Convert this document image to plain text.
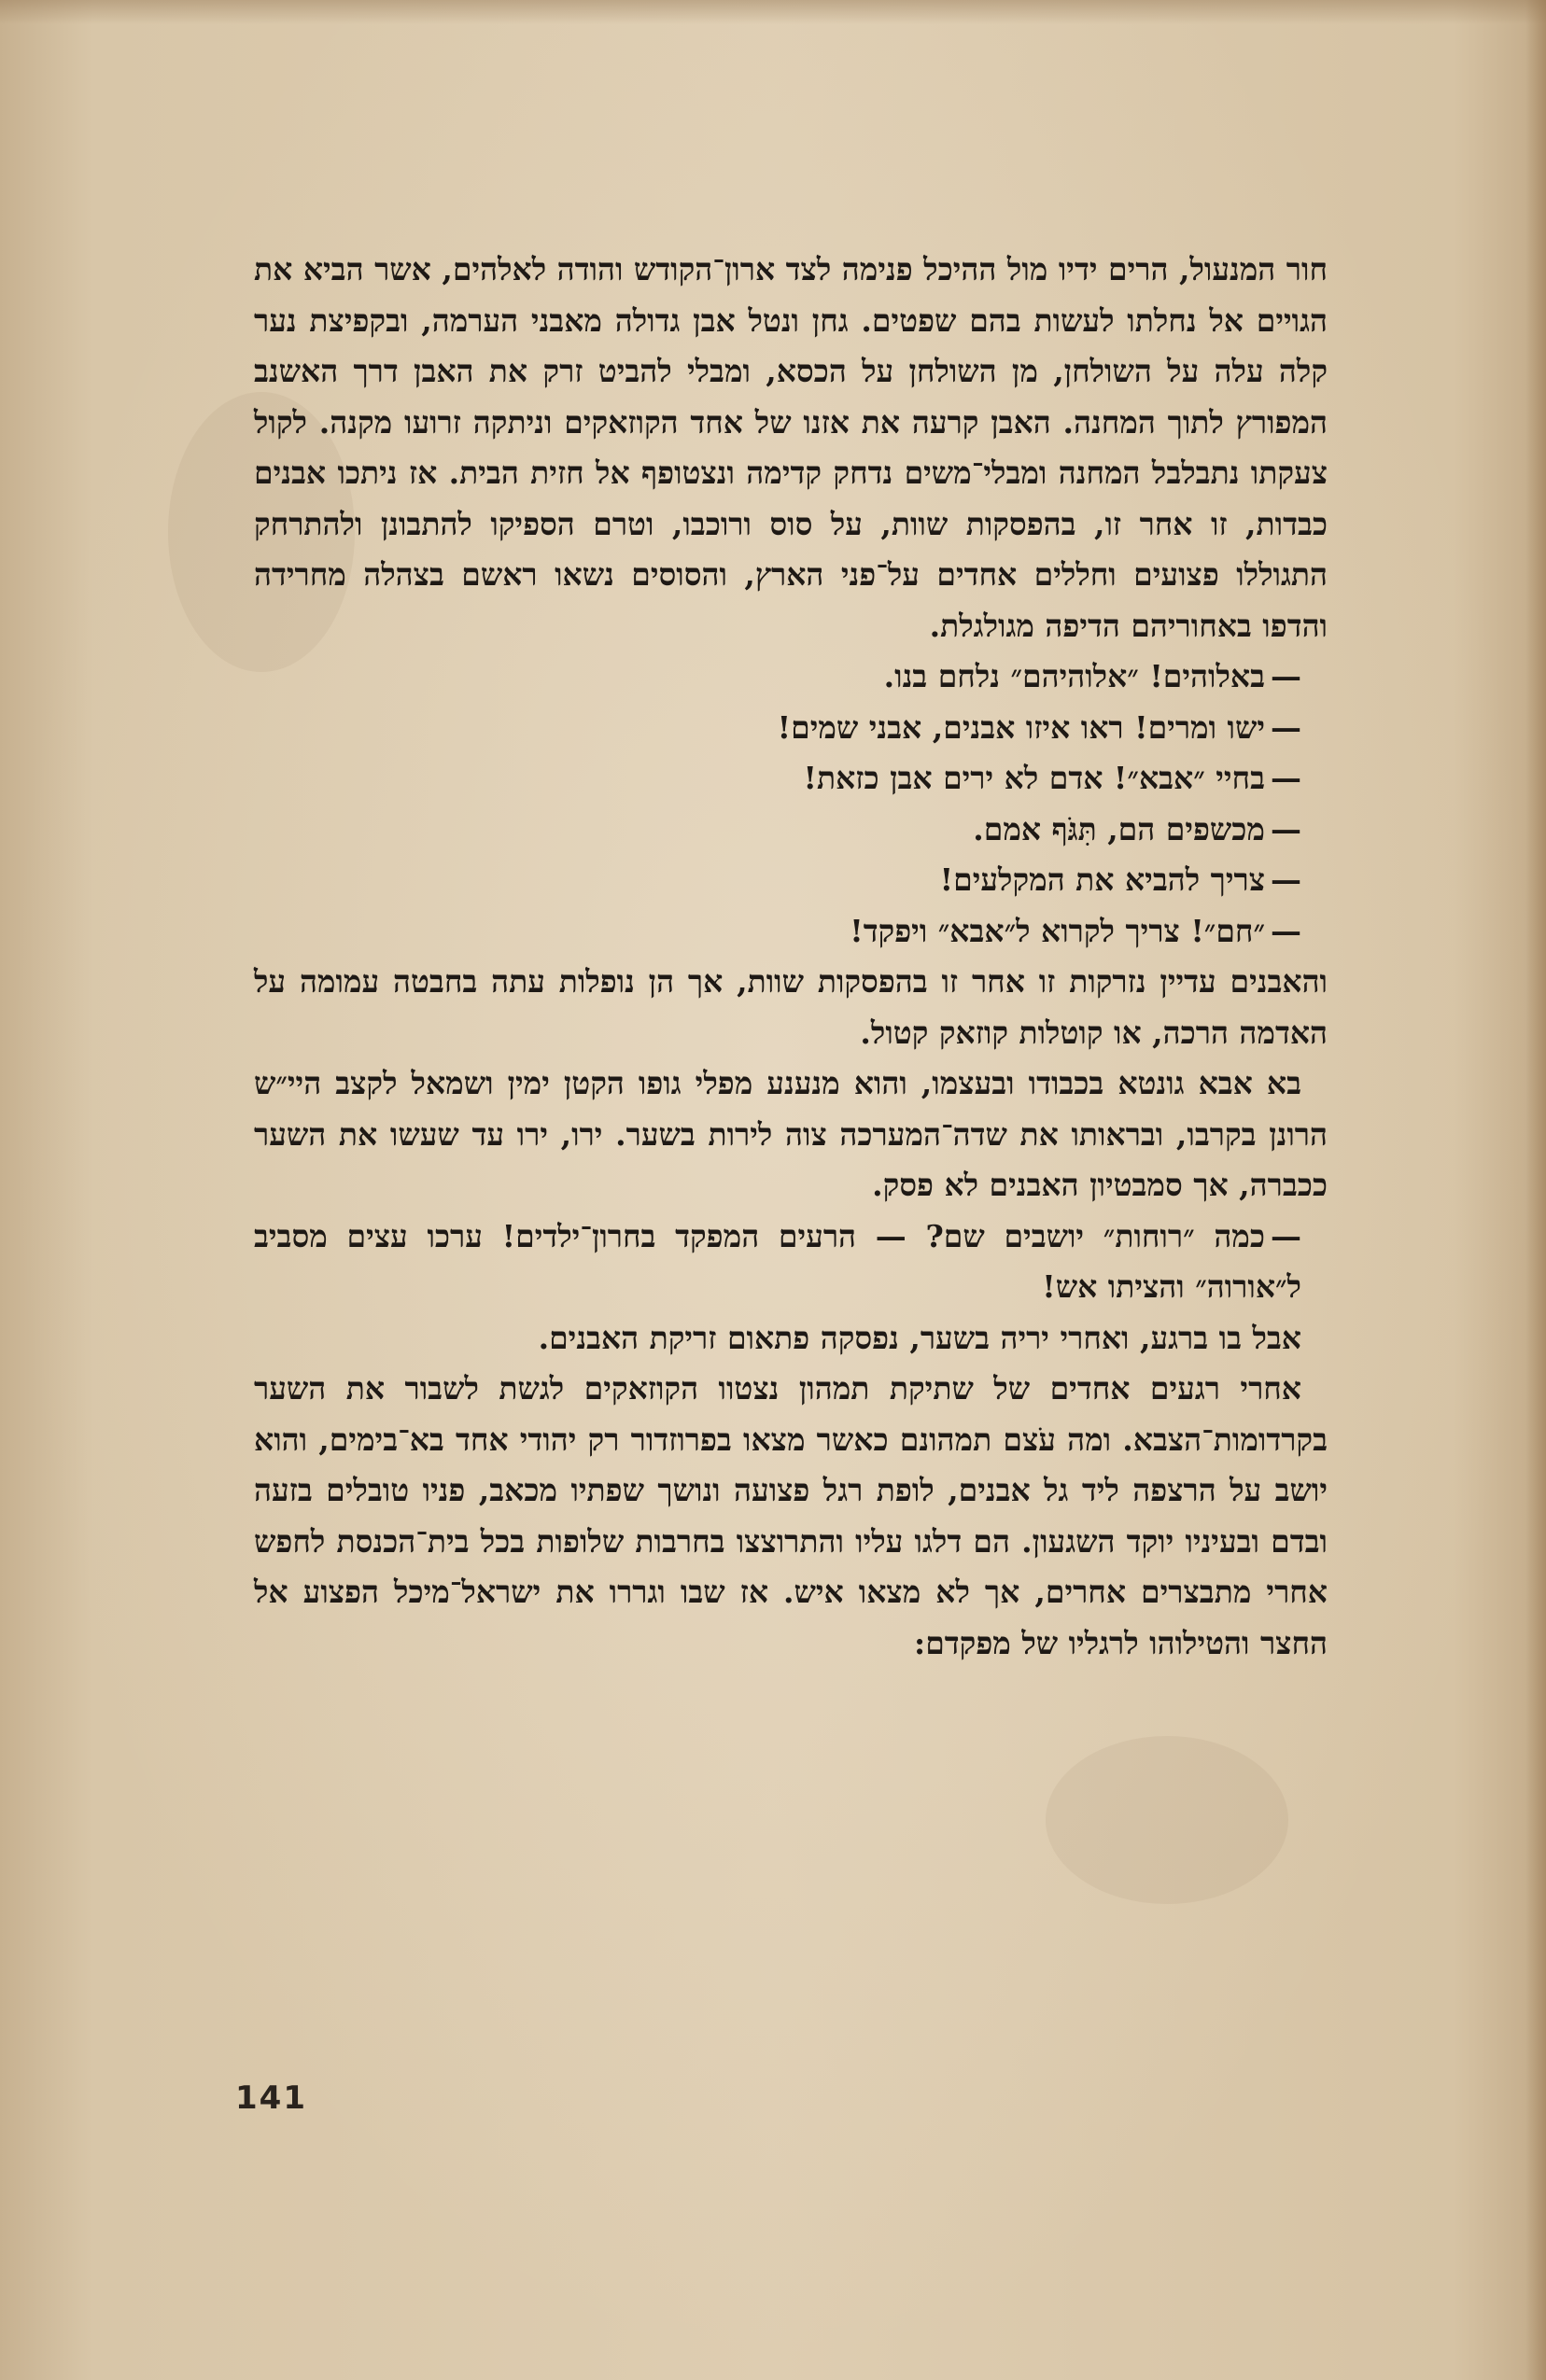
חור המנעול, הרים ידיו מול ההיכל פנימה לצד ארון־הקודש והודה לאלהים, אשר הביא את הגויים אל נחלתו לעשות בהם שפטים. גחן ונטל אבן גדולה מאבני הערמה, ובקפיצת נער קלה עלה על השולחן, מן השולחן על הכסא, ומבלי להביט זרק את האבן דרך האשנב המפורץ לתוך המחנה. האבן קרעה את אזנו של אחד הקוזאקים וניתקה זרועו מקנה. לקול צעקתו נתבלבל המחנה ומבלי־משים נדחק קדימה ונצטופף אל חזית הבית. אז ניתכו אבנים כבדות, זו אחר זו, בהפסקות שוות, על סוס ורוכבו, וטרם הספיקו להתבונן ולהתרחק התגוללו פצועים וחללים אחדים על־פני הארץ, והסוסים נשאו ראשם בצהלה מחרידה והדפו באחוריהם הדיפה מגולגלת.

—באלוהים! ״אלוהיהם״ נלחם בנו.

—ישו ומרים! ראו איזו אבנים, אבני שמים!

—בחיי ״אבא״! אדם לא ירים אבן כזאת!

—מכשפים הם, תִּגֹּף אמם.

—צריך להביא את המקלעים!

—״חם״! צריך לקרוא ל״אבא״ ויפקד!

והאבנים עדיין נזרקות זו אחר זו בהפסקות שוות, אך הן נופלות עתה בחבטה עמומה על האדמה הרכה, או קוטלות קוזאק קטול.

בא אבא גונטא בכבודו ובעצמו, והוא מנענע מפלי גופו הקטן ימין ושמאל לקצב היי״ש הרונן בקרבו, ובראותו את שדה־המערכה צוה לירות בשער. ירו, ירו עד שעשו את השער ככברה, אך סמבטיון האבנים לא פסק.

—כמה ״רוחות״ יושבים שם? — הרעים המפקד בחרון־ילדים! ערכו עצים מסביב ל״אורוה״ והציתו אש!

אבל בו ברגע, ואחרי יריה בשער, נפסקה פתאום זריקת האבנים.

אחרי רגעים אחדים של שתיקת תמהון נצטוו הקוזאקים לגשת לשבור את השער בקרדומות־הצבא. ומה עֹצם תמהונם כאשר מצאו בפרוזדור רק יהודי אחד בא־בימים, והוא יושב על הרצפה ליד גל אבנים, לופת רגל פצועה ונושך שפתיו מכאב, פניו טובלים בזעה ובדם ובעיניו יוקד השגעון. הם דלגו עליו והתרוצצו בחרבות שלופות בכל בית־הכנסת לחפש אחרי מתבצרים אחרים, אך לא מצאו איש. אז שבו וגררו את ישראל־מיכל הפצוע אל החצר והטילוהו לרגליו של מפקדם:

141
